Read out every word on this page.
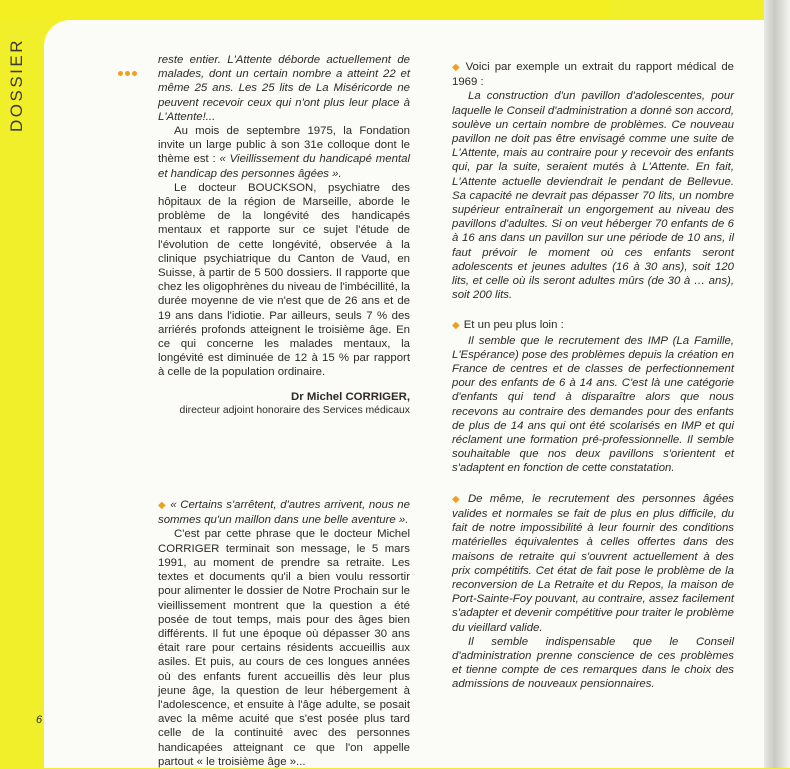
DOSSIER
6

reste entier. L'Attente déborde actuellement de malades, dont un certain nombre a atteint 22 et même 25 ans. Les 25 lits de La Miséricorde ne peuvent recevoir ceux qui n'ont plus leur place à L'Attente!...

Au mois de septembre 1975, la Fondation invite un large public à son 31e colloque dont le thème est : « Vieillissement du handicapé mental et handicap des personnes âgées ».

Le docteur BOUCKSON, psychiatre des hôpitaux de la région de Marseille, aborde le problème de la longévité des handicapés mentaux et rapporte sur ce sujet l'étude de l'évolution de cette longévité, observée à la clinique psychiatrique du Canton de Vaud, en Suisse, à partir de 5 500 dossiers. Il rapporte que chez les oligophrènes du niveau de l'imbécillité, la durée moyenne de vie n'est que de 26 ans et de 19 ans dans l'idiotie. Par ailleurs, seuls 7 % des arriérés profonds atteignent le troisième âge. En ce qui concerne les malades mentaux, la longévité est diminuée de 12 à 15 % par rapport à celle de la population ordinaire.

Dr Michel CORRIGER,

directeur adjoint honoraire des Services médicaux

◆ « Certains s'arrêtent, d'autres arrivent, nous ne sommes qu'un maillon dans une belle aventure ».

C'est par cette phrase que le docteur Michel CORRIGER terminait son message, le 5 mars 1991, au moment de prendre sa retraite. Les textes et documents qu'il a bien voulu ressortir pour alimenter le dossier de Notre Prochain sur le vieillissement montrent que la question a été posée de tout temps, mais pour des âges bien différents. Il fut une époque où dépasser 30 ans était rare pour certains résidents accueillis aux asiles. Et puis, au cours de ces longues années où des enfants furent accueillis dès leur plus jeune âge, la question de leur hébergement à l'adolescence, et ensuite à l'âge adulte, se posait avec la même acuité que s'est posée plus tard celle de la continuité avec des personnes handicapées atteignant ce que l'on appelle partout « le troisième âge »...

◆ Voici par exemple un extrait du rapport médical de 1969 :

La construction d'un pavillon d'adolescentes, pour laquelle le Conseil d'administration a donné son accord, soulève un certain nombre de problèmes. Ce nouveau pavillon ne doit pas être envisagé comme une suite de L'Attente, mais au contraire pour y recevoir des enfants qui, par la suite, seraient mutés à L'Attente. En fait, L'Attente actuelle deviendrait le pendant de Bellevue. Sa capacité ne devrait pas dépasser 70 lits, un nombre supérieur entraînerait un engorgement au niveau des pavillons d'adultes. Si on veut héberger 70 enfants de 6 à 16 ans dans un pavillon sur une période de 10 ans, il faut prévoir le moment où ces enfants seront adolescents et jeunes adultes (16 à 30 ans), soit 120 lits, et celle où ils seront adultes mûrs (de 30 à … ans), soit 200 lits.

◆ Et un peu plus loin :

Il semble que le recrutement des IMP (La Famille, L'Espérance) pose des problèmes depuis la création en France de centres et de classes de perfectionnement pour des enfants de 6 à 14 ans. C'est là une catégorie d'enfants qui tend à disparaître alors que nous recevons au contraire des demandes pour des enfants de plus de 14 ans qui ont été scolarisés en IMP et qui réclament une formation pré-professionnelle. Il semble souhaitable que nos deux pavillons s'orientent et s'adaptent en fonction de cette constatation.

◆ De même, le recrutement des personnes âgées valides et normales se fait de plus en plus difficile, du fait de notre impossibilité à leur fournir des conditions matérielles équivalentes à celles offertes dans des maisons de retraite qui s'ouvrent actuellement à des prix compétitifs. Cet état de fait pose le problème de la reconversion de La Retraite et du Repos, la maison de Port-Sainte-Foy pouvant, au contraire, assez facilement s'adapter et devenir compétitive pour traiter le problème du vieillard valide.

Il semble indispensable que le Conseil d'administration prenne conscience de ces problèmes et tienne compte de ces remarques dans le choix des admissions de nouveaux pensionnaires.
